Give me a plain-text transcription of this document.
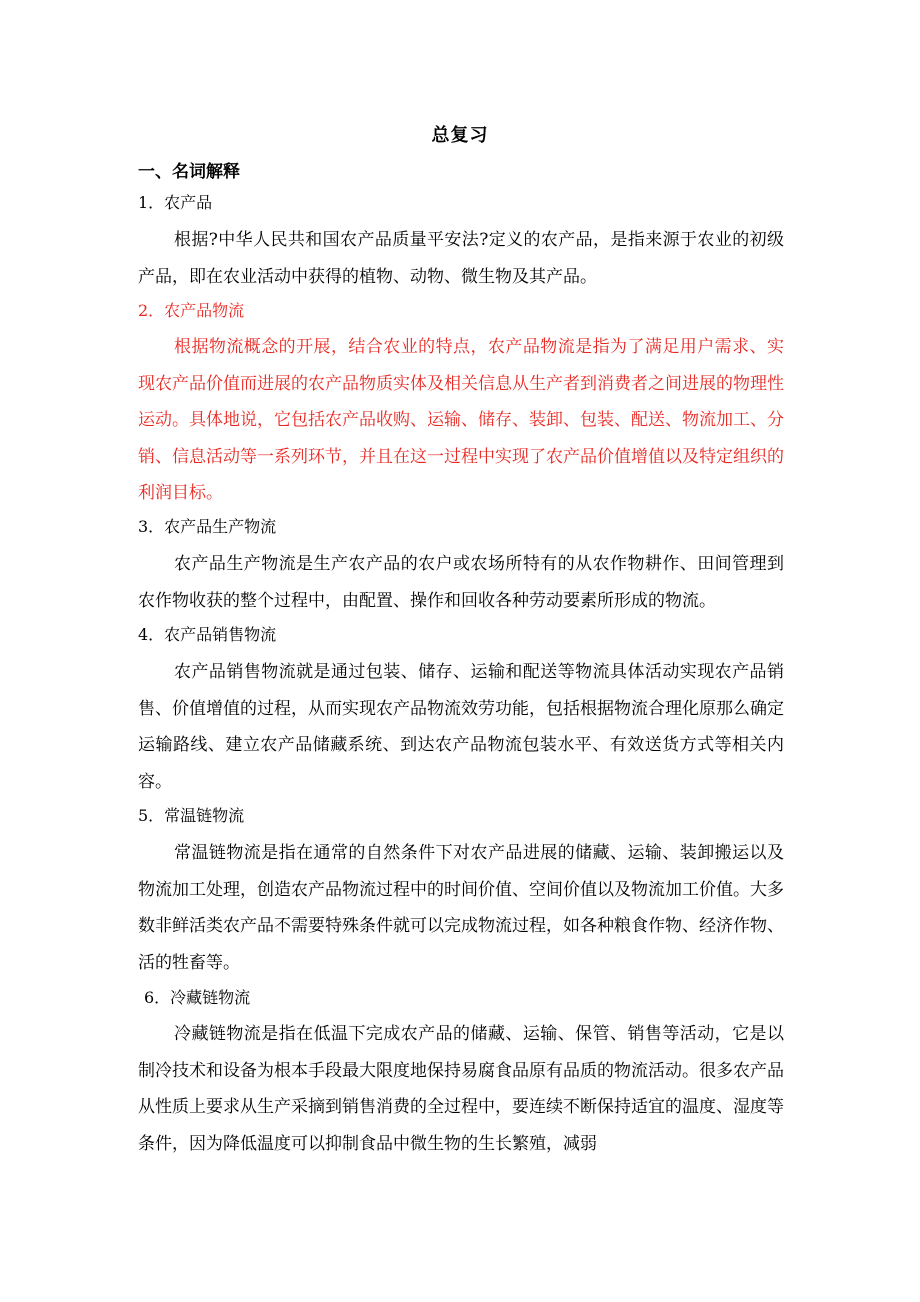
总复习
一、名词解释
1．农产品

根据?中华人民共和国农产品质量平安法?定义的农产品，是指来源于农业的初级产品，即在农业活动中获得的植物、动物、微生物及其产品。

2．农产品物流

根据物流概念的开展，结合农业的特点，农产品物流是指为了满足用户需求、实现农产品价值而进展的农产品物质实体及相关信息从生产者到消费者之间进展的物理性运动。具体地说，它包括农产品收购、运输、储存、装卸、包装、配送、物流加工、分销、信息活动等一系列环节，并且在这一过程中实现了农产品价值增值以及特定组织的利润目标。

3．农产品生产物流

农产品生产物流是生产农产品的农户或农场所特有的从农作物耕作、田间管理到农作物收获的整个过程中，由配置、操作和回收各种劳动要素所形成的物流。

4．农产品销售物流

农产品销售物流就是通过包装、储存、运输和配送等物流具体活动实现农产品销售、价值增值的过程，从而实现农产品物流效劳功能，包括根据物流合理化原那么确定运输路线、建立农产品储藏系统、到达农产品物流包装水平、有效送货方式等相关内容。

5．常温链物流

常温链物流是指在通常的自然条件下对农产品进展的储藏、运输、装卸搬运以及物流加工处理，创造农产品物流过程中的时间价值、空间价值以及物流加工价值。大多数非鲜活类农产品不需要特殊条件就可以完成物流过程，如各种粮食作物、经济作物、活的牲畜等。

6．冷藏链物流

冷藏链物流是指在低温下完成农产品的储藏、运输、保管、销售等活动，它是以制冷技术和设备为根本手段最大限度地保持易腐食品原有品质的物流活动。很多农产品从性质上要求从生产采摘到销售消费的全过程中，要连续不断保持适宜的温度、湿度等条件，因为降低温度可以抑制食品中微生物的生长繁殖，减弱
